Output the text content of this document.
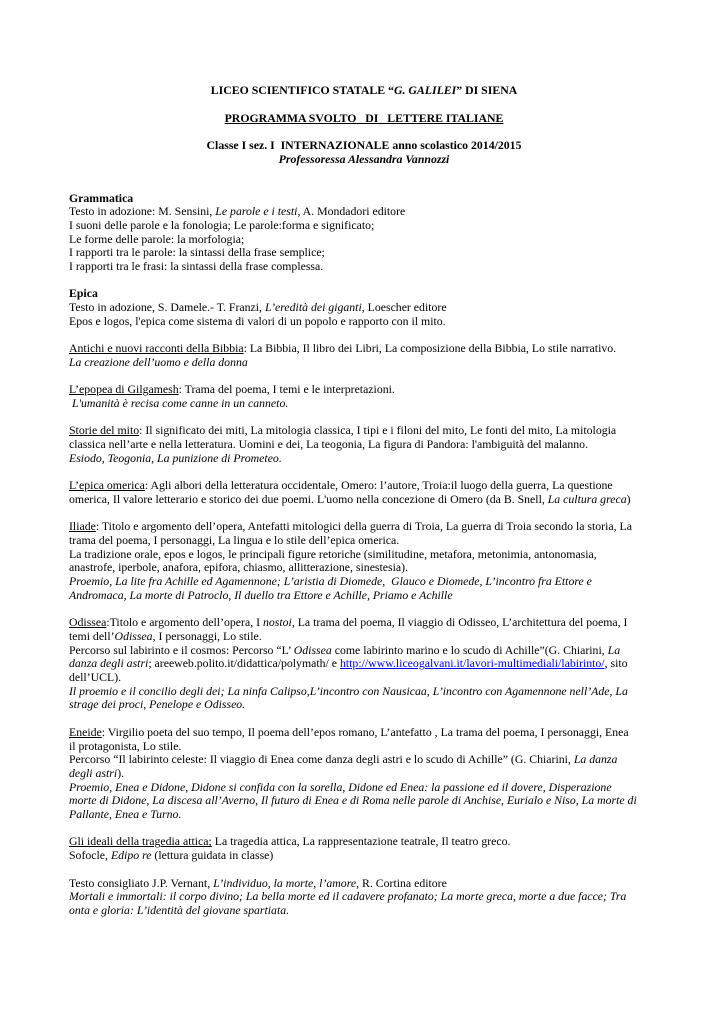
LICEO SCIENTIFICO STATALE “G. GALILEI” DI SIENA

PROGRAMMA SVOLTO   DI   LETTERE ITALIANE

Classe I sez. I  INTERNAZIONALE anno scolastico 2014/2015

Professoressa Alessandra Vannozzi

Grammatica

Testo in adozione: M. Sensini, Le parole e i testi, A. Mondadori editore

I suoni delle parole e la fonologia; Le parole:forma e significato;

Le forme delle parole: la morfologia;

I rapporti tra le parole: la sintassi della frase semplice;

I rapporti tra le frasi: la sintassi della frase complessa.

Epica

Testo in adozione, S. Damele.- T. Franzi, L’eredità dei giganti, Loescher editore

Epos e logos, l'epica come sistema di valori di un popolo e rapporto con il mito.

Antichi e nuovi racconti della Bibbia: La Bibbia, Il libro dei Libri, La composizione della Bibbia, Lo stile narrativo.

La creazione dell’uomo e della donna

L’epopea di Gilgamesh: Trama del poema, I temi e le interpretazioni.

L'umanità è recisa come canne in un canneto.

Storie del mito: Il significato dei miti, La mitologia classica, I tipi e i filoni del mito, Le fonti del mito, La mitologia

classica nell’arte e nella letteratura. Uomini e dei, La teogonia, La figura di Pandora: l'ambiguità del malanno.

Esiodo, Teogonia, La punizione di Prometeo.

L’epica omerica: Agli albori della letteratura occidentale, Omero: l’autore, Troia:il luogo della guerra, La questione

omerica, Il valore letterario e storico dei due poemi. L'uomo nella concezione di Omero (da B. Snell, La cultura greca)

Iliade: Titolo e argomento dell’opera, Antefatti mitologici della guerra di Troia, La guerra di Troia secondo la storia, La

trama del poema, I personaggi, La lingua e lo stile dell’epica omerica.

La tradizione orale, epos e logos, le principali figure retoriche (similitudine, metafora, metonimia, antonomasia,

anastrofe, iperbole, anafora, epifora, chiasmo, allitterazione, sinestesia).

Proemio, La lite fra Achille ed Agamennone; L’aristia di Diomede,  Glauco e Diomede, L’incontro fra Ettore e

Andromaca, La morte di Patroclo, Il duello tra Ettore e Achille, Priamo e Achille

Odissea:Titolo e argomento dell’opera, I nostoi, La trama del poema, Il viaggio di Odisseo, L’architettura del poema, I

temi dell’Odissea, I personaggi, Lo stile.

Percorso sul labirinto e il cosmos: Percorso “L’ Odissea come labirinto marino e lo scudo di Achille”(G. Chiarini, La

danza degli astri; areeweb.polito.it/didattica/polymath/ e http://www.liceogalvani.it/lavori-multimediali/labirinto/, sito

dell’UCL).

Il proemio e il concilio degli dei; La ninfa Calipso,L’incontro con Nausicaa, L’incontro con Agamennone nell’Ade, La

strage dei proci, Penelope e Odisseo.

Eneide: Virgilio poeta del suo tempo, Il poema dell’epos romano, L’antefatto , La trama del poema, I personaggi, Enea

il protagonista, Lo stile.

Percorso “Il labirinto celeste: Il viaggio di Enea come danza degli astri e lo scudo di Achille” (G. Chiarini, La danza

degli astri).

Proemio, Enea e Didone, Didone si confida con la sorella, Didone ed Enea: la passione ed il dovere, Disperazione

morte di Didone, La discesa all’Averno, Il futuro di Enea e di Roma nelle parole di Anchise, Eurialo e Niso, La morte di

Pallante, Enea e Turno.

Gli ideali della tragedia attica; La tragedia attica, La rappresentazione teatrale, Il teatro greco.

Sofocle, Edipo re (lettura guidata in classe)

Testo consigliato J.P. Vernant, L’individuo, la morte, l’amore, R. Cortina editore

Mortali e immortali: il corpo divino; La bella morte ed il cadavere profanato; La morte greca, morte a due facce; Tra

onta e gloria: L’identità del giovane spartiata.
